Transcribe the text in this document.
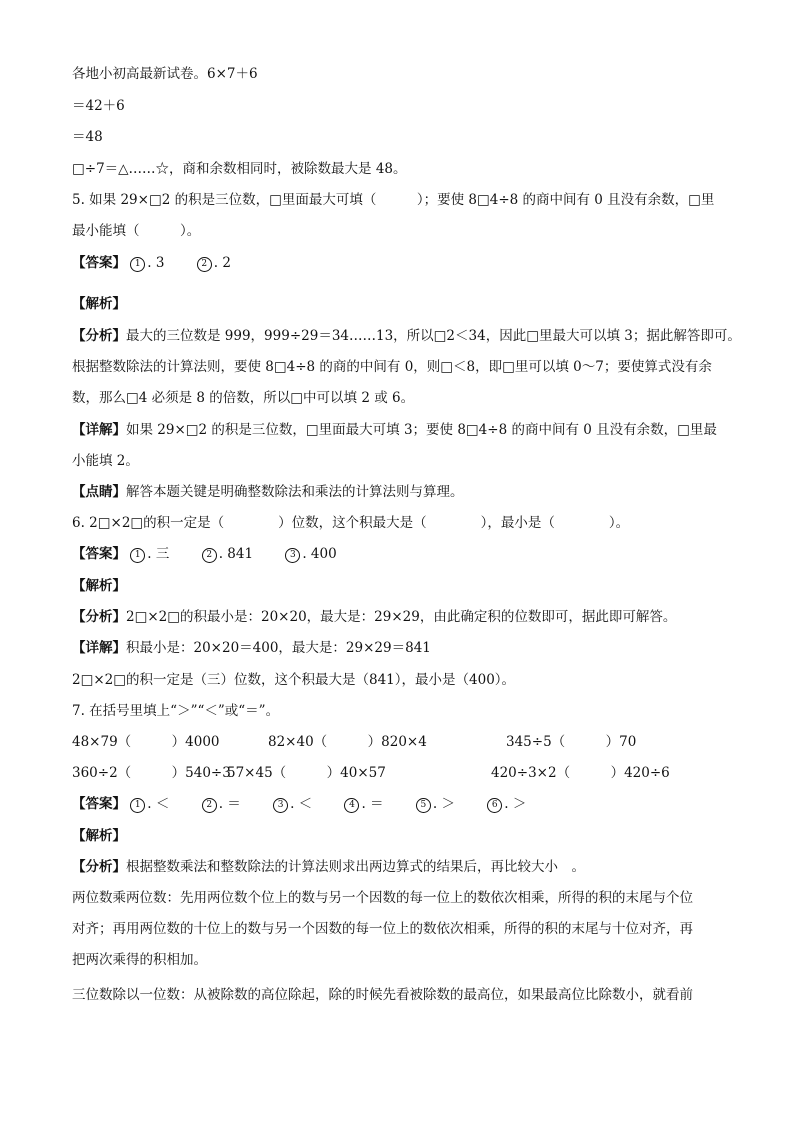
各地小初高最新试卷。6×7＋6
＝42＋6
＝48
□÷7＝△……☆，商和余数相同时，被除数最大是 48。
5. 如果 29×□2 的积是三位数，□里面最大可填（　　　）；要使 8□4÷8 的商中间有 0 且没有余数，□里
最小能填（　　　）。
【答案】 1 . 3	2 . 2
【解析】
【分析】最大的三位数是 999，999÷29＝34……13，所以□2＜34，因此□里最大可以填 3；据此解答即可。
根据整数除法的计算法则，要使 8□4÷8 的商的中间有 0，则□＜8，即□里可以填 0～7；要使算式没有余
数，那么□4 必须是 8 的倍数，所以□中可以填 2 或 6。
【详解】如果 29×□2 的积是三位数，□里面最大可填 3；要使 8□4÷8 的商中间有 0 且没有余数，□里最
小能填 2。
【点睛】解答本题关键是明确整数除法和乘法的计算法则与算理。
6. 2□×2□的积一定是（　　　　）位数，这个积最大是（　　　　），最小是（　　　　）。
【答案】 1 . 三	2 . 841	3 . 400
【解析】
【分析】2□×2□的积最小是：20×20，最大是：29×29，由此确定积的位数即可，据此即可解答。
【详解】积最小是：20×20＝400，最大是：29×29＝841
2□×2□的积一定是（三）位数，这个积最大是（841），最小是（400）。
7. 在括号里填上“＞”“＜”或“＝”。
48×79（　　　）4000	82×40（　　　）820×4	345÷5（　　　）70
360÷2（　　　）540÷3
57×45（　　　）40×57	420÷3×2（　　　）420÷6
【答案】 1 . ＜	2 . ＝	3 . ＜	4 . ＝	5 . ＞	6 . ＞
【解析】
【分析】根据整数乘法和整数除法的计算法则求出两边算式的结果后，再比较大小　。
两位数乘两位数：先用两位数个位上的数与另一个因数的每一位上的数依次相乘，所得的积的末尾与个位
对齐；再用两位数的十位上的数与另一个因数的每一位上的数依次相乘，所得的积的末尾与十位对齐，再
把两次乘得的积相加。
三位数除以一位数：从被除数的高位除起，除的时候先看被除数的最高位，如果最高位比除数小，就看前
